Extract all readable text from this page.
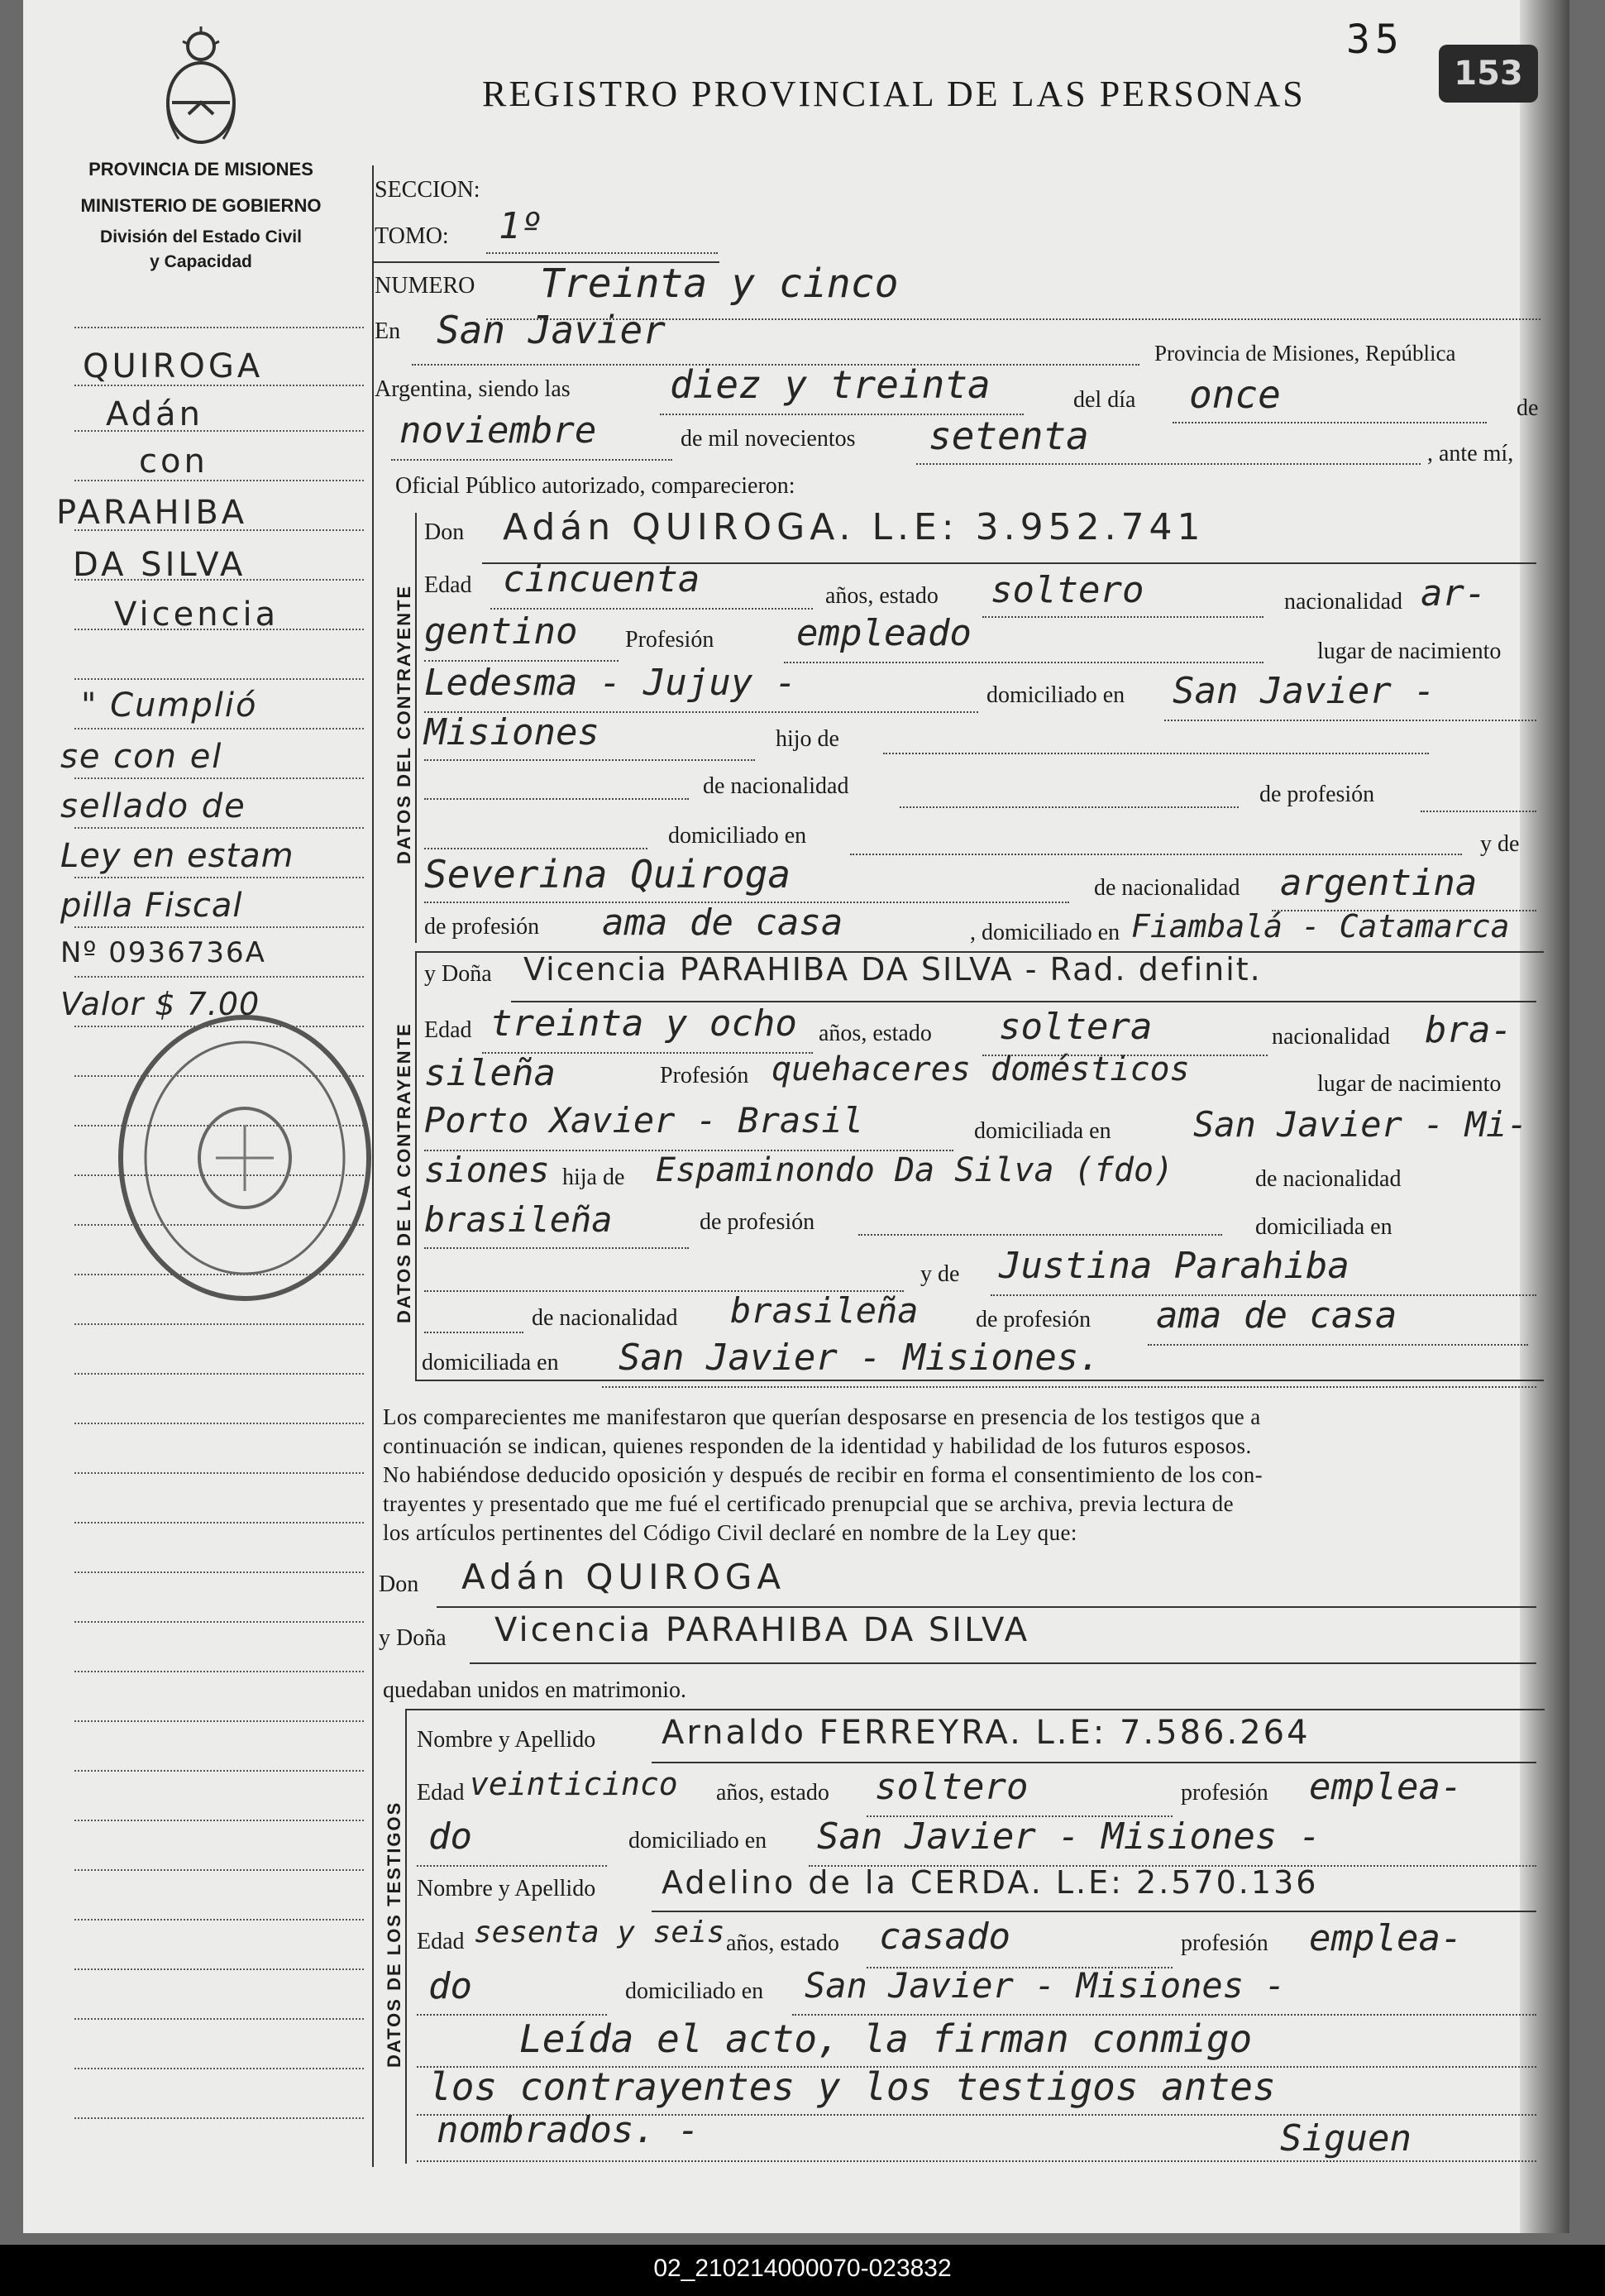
35
153
REGISTRO PROVINCIAL DE LAS PERSONAS
PROVINCIA DE MISIONES
MINISTERIO DE GOBIERNO
División del Estado Civil
y Capacidad
QUIROGA
Adán
con
PARAHIBA
DA SILVA
Vicencia
" Cumplió
se con el
sellado de
Ley en estam
pilla Fiscal
Nº 0936736A
Valor $ 7.00
SECCION:
TOMO: 1º
NUMERO Treinta y cinco
En San Javier
Provincia de Misiones, República
Argentina, siendo las	diez y treinta	del día once	de
noviembre	de mil novecientos setenta	, ante mí,
Oficial Público autorizado, comparecieron:
DATOS DEL CONTRAYENTE
Don Adán QUIROGA. L.E: 3.952.741
Edad cincuenta	años, estado soltero	nacionalidad ar-
gentino Profesión empleado	lugar de nacimiento
Ledesma - Jujuy -	domiciliado en San Javier -
Misiones	hijo de
de nacionalidad	de profesión
domiciliado en	y de
Severina Quiroga	de nacionalidad argentina
de profesión ama de casa	, domiciliado en Fiambalá - Catamarca
DATOS DE LA CONTRAYENTE
y Doña Vicencia PARAHIBA DA SILVA - Rad. definit.
Edad treinta y ocho años, estado soltera	nacionalidad bra-
sileña	Profesión quehaceres domésticos	lugar de nacimiento
Porto Xavier - Brasil	domiciliada en San Javier - Mi-
siones hija de Espaminondo Da Silva (fdo)	de nacionalidad
brasileña	de profesión	domiciliada en
y de Justina Parahiba
de nacionalidad brasileña de profesión ama de casa
domiciliada en San Javier - Misiones.
Los comparecientes me manifestaron que querían desposarse en presencia de los testigos que a
continuación se indican, quienes responden de la identidad y habilidad de los futuros esposos.
No habiéndose deducido oposición y después de recibir en forma el consentimiento de los con-
trayentes y presentado que me fué el certificado prenupcial que se archiva, previa lectura de
los artículos pertinentes del Código Civil declaré en nombre de la Ley que:
Don Adán QUIROGA
y Doña Vicencia PARAHIBA DA SILVA
quedaban unidos en matrimonio.
DATOS DE LOS TESTIGOS
Nombre y Apellido Arnaldo FERREYRA. L.E: 7.586.264
Edad veinticinco años, estado soltero	profesión emplea-
do	domiciliado en San Javier - Misiones -
Nombre y Apellido Adelino de la CERDA. L.E: 2.570.136
Edad sesenta y seis años, estado casado	profesión emplea-
do	domiciliado en San Javier - Misiones -
Leída el acto, la firman conmigo
los contrayentes y los testigos antes
nombrados. -	Siguen
02_210214000070-023832
